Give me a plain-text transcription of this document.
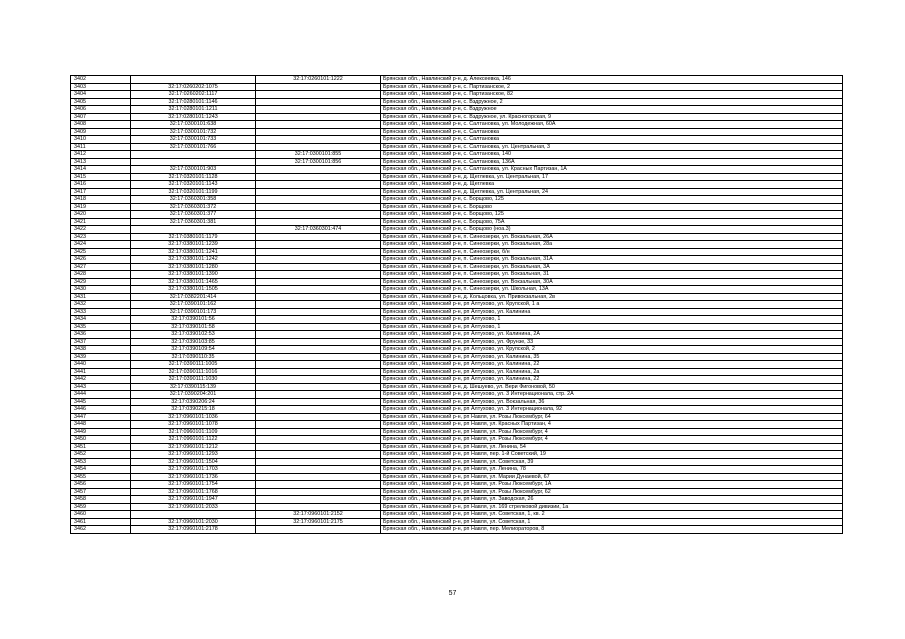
3402		32:17:0260101:1222	Брянская обл., Навлинский р-н, д. Алексеевка, 146
3403	32:17:0260202:1075		Брянская обл., Навлинский р-н, с. Партизанское, 2
3404	32:17:0260202:1117		Брянская обл., Навлинский р-н, с. Партизанское, 82
3405	32:17:0280101:1146		Брянская обл., Навлинский р-н, с. Вздружное, 2
3406	32:17:0280101:1211		Брянская обл., Навлинский р-н, с. Вздружное
3407	32:17:0280101:1243		Брянская обл., Навлинский р-н, с. Вздружное, ул. Красногорская, 9
3408	32:17:0300101:638		Брянская обл., Навлинский р-н, с. Салтановка, ул. Молодежная, 60А
3409	32:17:0300101:732		Брянская обл., Навлинский р-н, с. Салтановка
3410	32:17:0300101:733		Брянская обл., Навлинский р-н, с. Салтановка
3411	32:17:0300101:766		Брянская обл., Навлинский р-н, с. Салтановка, ул. Центральная, 3
3412		32:17:0300101:855	Брянская обл., Навлинский р-н, с. Салтановка, 140
3413		32:17:0300101:856	Брянская обл., Навлинский р-н, с. Салтановка, 136А
3414	32:17:0300101:903		Брянская обл., Навлинский р-н, с. Салтановка, ул. Красных Партизан, 1А
3415	32:17:0320101:1128		Брянская обл., Навлинский р-н, д. Щеглевка, ул. Центральная, 17
3416	32:17:0320101:1143		Брянская обл., Навлинский р-н, д. Щеглевка
3417	32:17:0320101:1199		Брянская обл., Навлинский р-н, д. Щеглевка, ул. Центральная, 24
3418	32:17:0360301:358		Брянская обл., Навлинский р-н, с. Борщово, 125
3419	32:17:0360301:372		Брянская обл., Навлинский р-н, с. Борщово
3420	32:17:0360301:377		Брянская обл., Навлинский р-н, с. Борщово, 125
3421	32:17:0360301:381		Брянская обл., Навлинский р-н, с. Борщово, 75А
3422		32:17:0360301:474	Брянская обл., Навлинский р-н, с. Борщово (ноа.3)
3423	32:17:0380101:1179		Брянская обл., Навлинский р-н, п. Синеозерки, ул. Вокзальная, 26А
3424	32:17:0380101:1239		Брянская обл., Навлинский р-н, п. Синеозерки, ул. Вокзальная, 28а
3425	32:17:0380101:1241		Брянская обл., Навлинский р-н, п. Синеозерки, б/н
3426	32:17:0380101:1242		Брянская обл., Навлинский р-н, п. Синеозерки, ул. Вокзальная, 31А
3427	32:17:0380101:1280		Брянская обл., Навлинский р-н, п. Синеозерки, ул. Вокзальная, 3А
3428	32:17:0380101:1390		Брянская обл., Навлинский р-н, п. Синеозерки, ул. Вокзальная, 31
3429	32:17:0380101:1465		Брянская обл., Навлинский р-н, п. Синеозерки, ул. Вокзальная, 30А
3430	32:17:0380101:1505		Брянская обл., Навлинский р-н, п. Синеозерки, ул. Школьная, 13А
3431	32:17:0382201:414		Брянская обл., Навлинский р-н, д. Кольцовка, ул. Привокзальная, 2в
3432	32:17:0390101:162		Брянская обл., Навлинский р-н, рп Алтухово, ул. Крупской, 1 а
3433	32:17:0390101:173		Брянская обл., Навлинский р-н, рп Алтухово, ул. Калинина
3434	32:17:0390101:56		Брянская обл., Навлинский р-н, рп Алтухово, 1
3435	32:17:0390101:58		Брянская обл., Навлинский р-н, рп Алтухово, 1
3436	32:17:0390102:53		Брянская обл., Навлинский р-н, рп Алтухово, ул. Калинина, 2А
3437	32:17:0390103:85		Брянская обл., Навлинский р-н, рп Алтухово, ул. Фрунзе, 33
3438	32:17:0390109:54		Брянская обл., Навлинский р-н, рп Алтухово, ул. Крупской, 2
3439	32:17:0390110:35		Брянская обл., Навлинский р-н, рп Алтухово, ул. Калинина, 35
3440	32:17:0390111:1005		Брянская обл., Навлинский р-н, рп Алтухово, ул. Калинина, 22
3441	32:17:0390111:1016		Брянская обл., Навлинский р-н, рп Алтухово, ул. Калинина, 2а
3442	32:17:0390111:1030		Брянская обл., Навлинский р-н, рп Алтухово, ул. Калинина, 22
3443	32:17:0390115:139		Брянская обл., Навлинский р-н, д. Шешуево, ул. Вери Фигоновой, 50
3444	32:17:0390204:201		Брянская обл., Навлинский р-н, рп Алтухово, ул. 3 Интернационала, стр. 2А
3445	32:17:0390206:24		Брянская обл., Навлинский р-н, рп Алтухово, ул. Вокзальная, 36
3446	32:17:0390215:18		Брянская обл., Навлинский р-н, рп Алтухово, ул. 3 Интернационала, 92
3447	32:17:0960101:1036		Брянская обл., Навлинский р-н, рп Навля, ул. Розы Люксембург, 64
3448	32:17:0960101:1078		Брянская обл., Навлинский р-н, рп Навля, ул. Красных Партизан, 4
3449	32:17:0960101:1109		Брянская обл., Навлинский р-н, рп Навля, ул. Розы Люксембург, 4
3450	32:17:0960101:1122		Брянская обл., Навлинский р-н, рп Навля, ул. Розы Люксембург, 4
3451	32:17:0960101:1212		Брянская обл., Навлинский р-н, рп Навля, ул. Ленина, 54
3452	32:17:0960101:1293		Брянская обл., Навлинский р-н, рп Навля, пер. 1-й Советский, 19
3453	32:17:0960101:1504		Брянская обл., Навлинский р-н, рп Навля, ул. Советская, 39
3454	32:17:0960101:1703		Брянская обл., Навлинский р-н, рп Навля, ул. Ленина, 78
3455	32:17:0960101:1736		Брянская обл., Навлинский р-н, рп Навля, ул. Марии Дунаевой, 67
3456	32:17:0960101:1754		Брянская обл., Навлинский р-н, рп Навля, ул. Розы Люксембург, 1А
3457	32:17:0960101:1768		Брянская обл., Навлинский р-н, рп Навля, ул. Розы Люксембург, 62
3458	32:17:0960101:1947		Брянская обл., Навлинский р-н, рп Навля, ул. Заводская, 26
3459	32:17:0960101:2033		Брянская обл., Навлинский р-н, рп Навля, ул. 169 стрелковой дивизии, 1а
3460		32:17:0960101:2152	Брянская обл., Навлинский р-н, рп Навля, ул. Советская, 1, кв. 2
3461	32:17:0960101:2030	32:17:0960101:2175	Брянская обл., Навлинский р-н, рп Навля, ул. Советская, 1
3462	32:17:0960101:2178		Брянская обл., Навлинский р-н, рп Навля, пер. Мелиораторов, 8
57
